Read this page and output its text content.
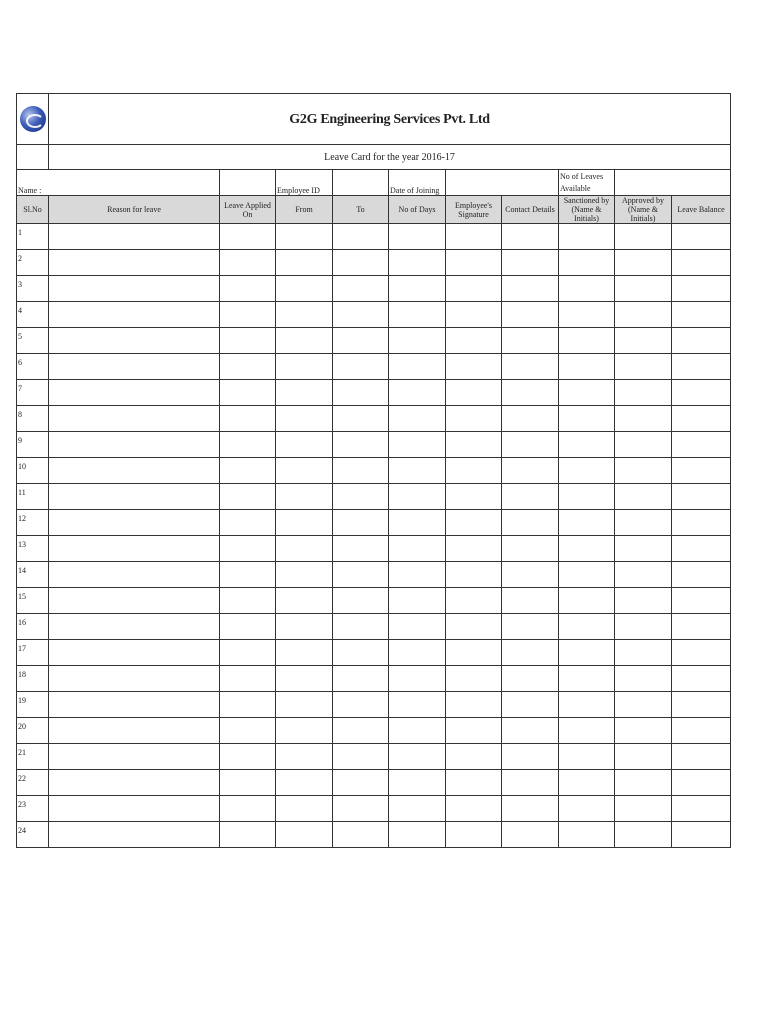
	G2G Engineering Services Pvt. Ltd									
	Leave Card for the year 2016-17									
Name :			Employee ID		Date of Joining			No of Leaves Available		
Sl.No	Reason for leave	Leave Applied On	From	To	No of Days	Employee's Signature	Contact Details	Sanctioned by (Name & Initials)	Approved by (Name & Initials)	Leave Balance
1										
2										
3										
4										
5										
6										
7										
8										
9										
10										
11										
12										
13										
14										
15										
16										
17										
18										
19										
20										
21										
22										
23										
24										
